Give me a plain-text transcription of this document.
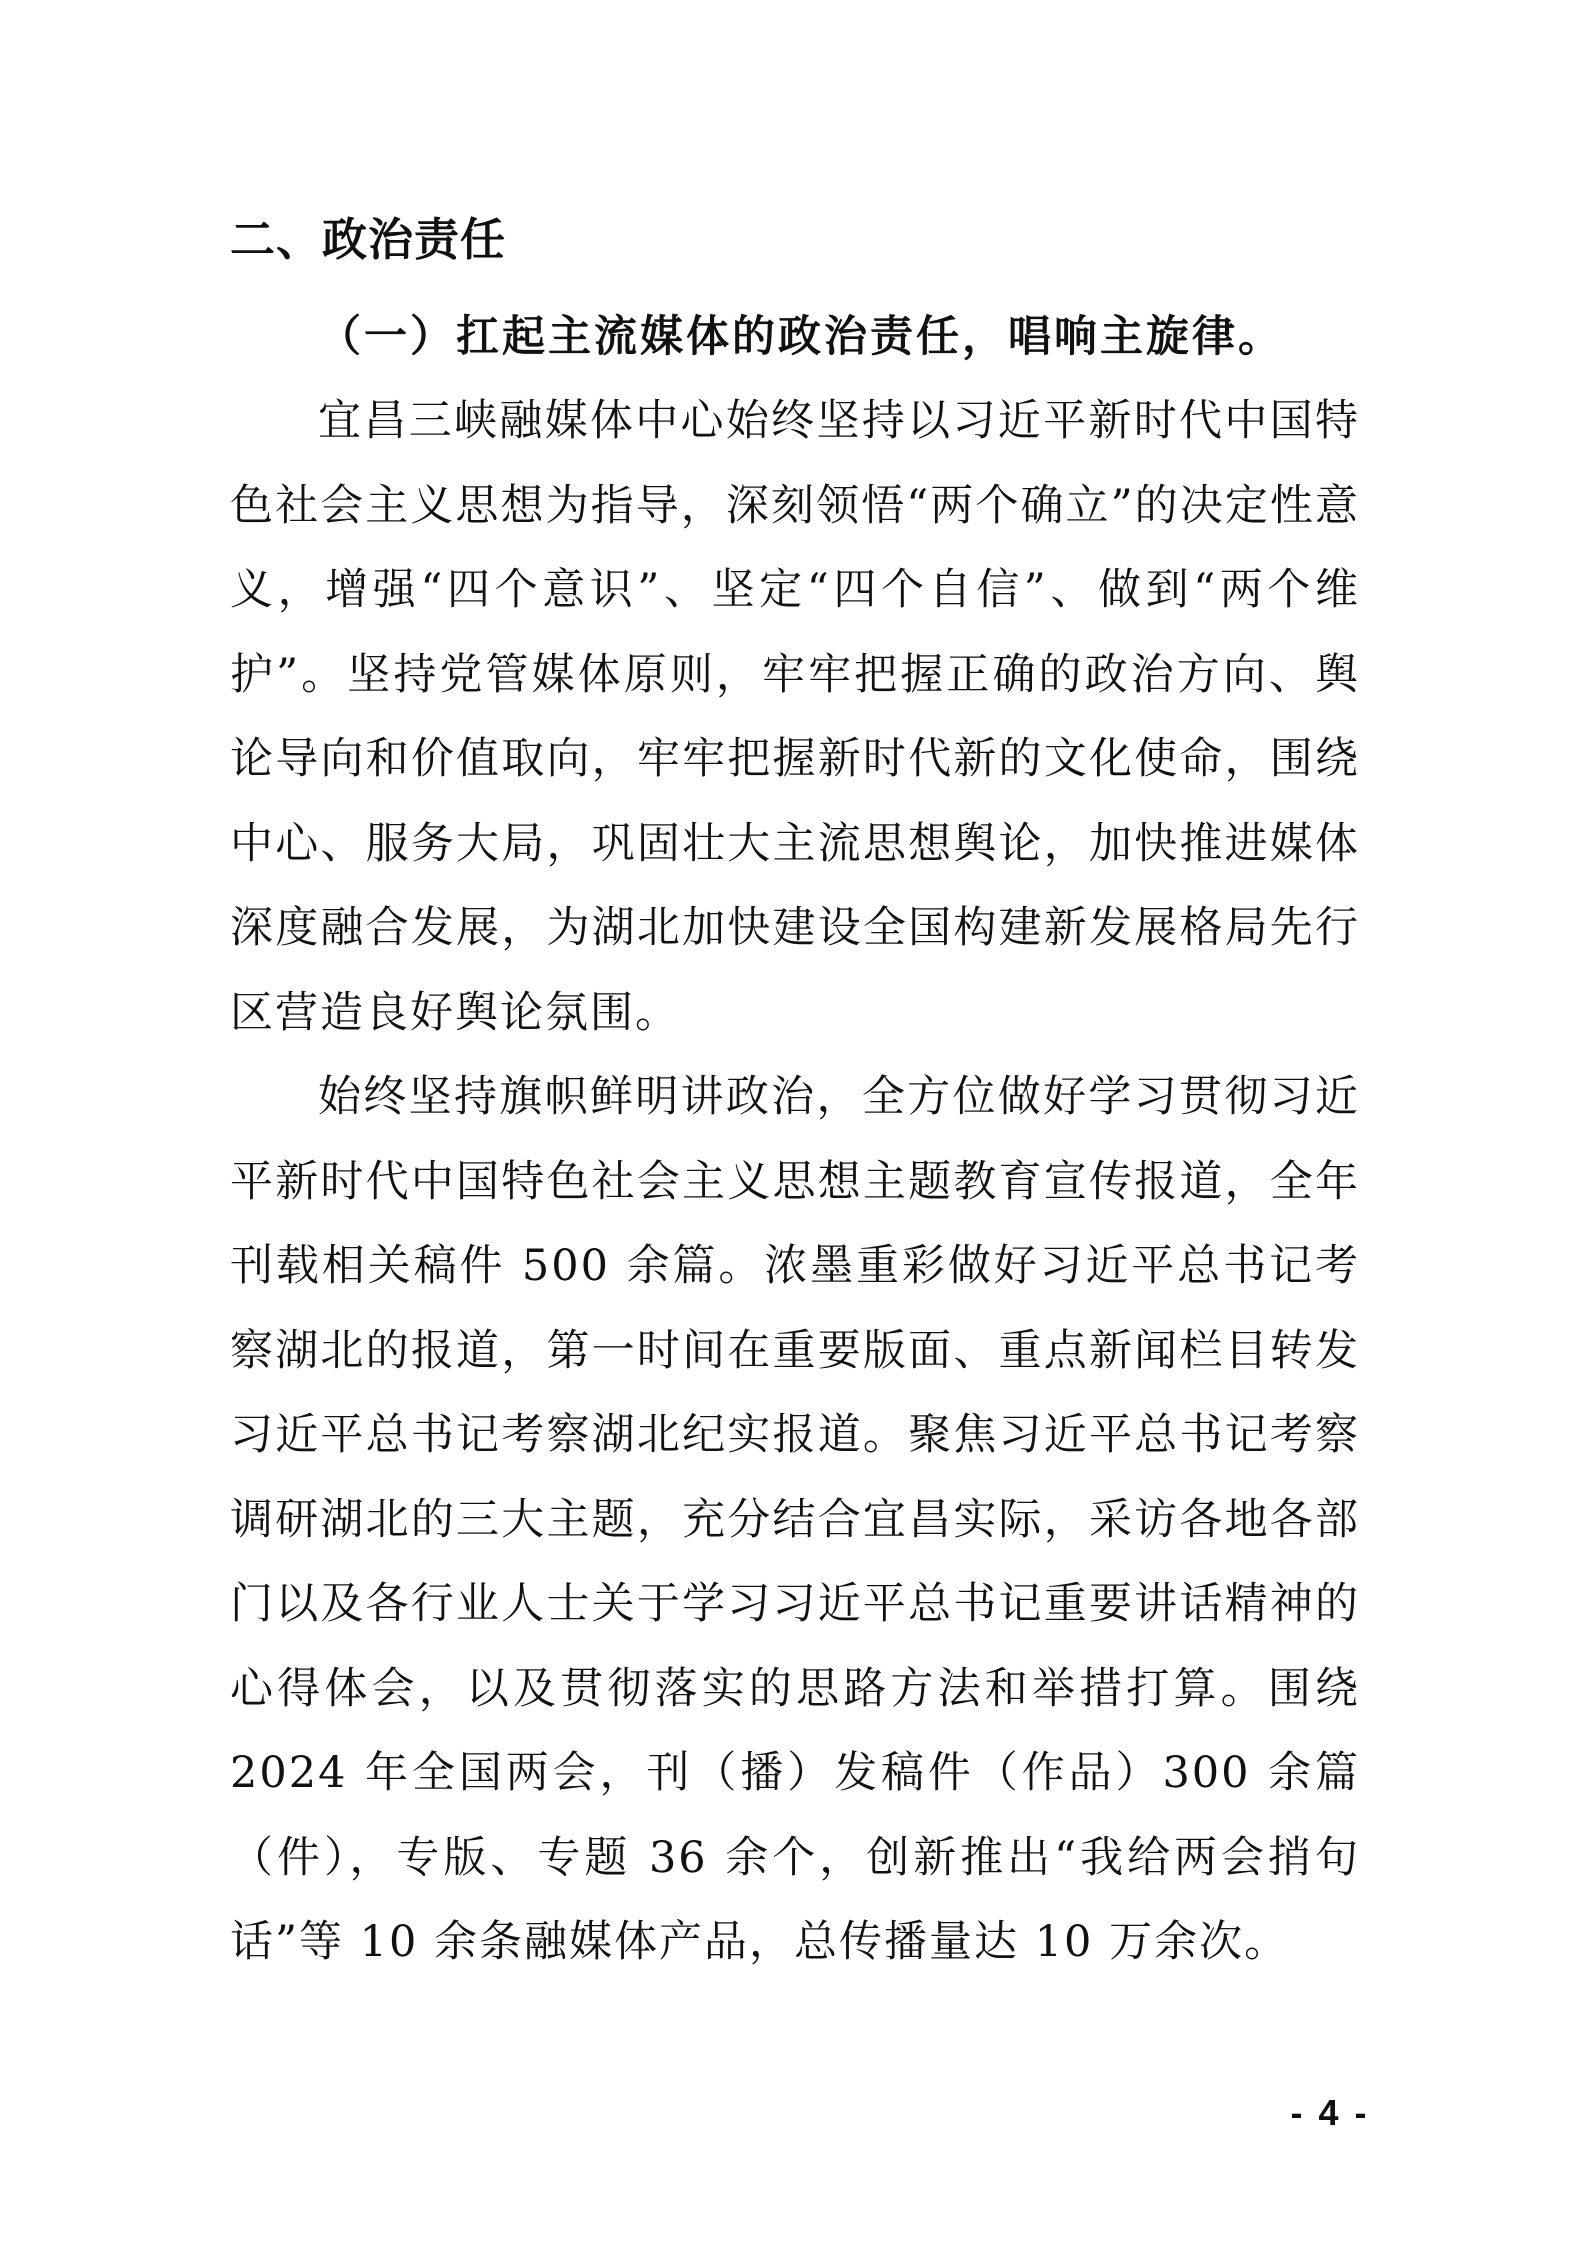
二、政治责任
（一）扛起主流媒体的政治责任，唱响主旋律。

宜昌三峡融媒体中心始终坚持以习近平新时代中国特色社会主义思想为指导，深刻领悟“两个确立”的决定性意义，增强“四个意识”、坚定“四个自信”、做到“两个维护”。坚持党管媒体原则，牢牢把握正确的政治方向、舆论导向和价值取向，牢牢把握新时代新的文化使命，围绕中心、服务大局，巩固壮大主流思想舆论，加快推进媒体深度融合发展，为湖北加快建设全国构建新发展格局先行区营造良好舆论氛围。

始终坚持旗帜鲜明讲政治，全方位做好学习贯彻习近平新时代中国特色社会主义思想主题教育宣传报道，全年刊载相关稿件 500 余篇。浓墨重彩做好习近平总书记考察湖北的报道，第一时间在重要版面、重点新闻栏目转发习近平总书记考察湖北纪实报道。聚焦习近平总书记考察调研湖北的三大主题，充分结合宜昌实际，采访各地各部门以及各行业人士关于学习习近平总书记重要讲话精神的心得体会，以及贯彻落实的思路方法和举措打算。围绕 2024 年全国两会，刊（播）发稿件（作品）300 余篇（件），专版、专题 36 余个，创新推出“我给两会捎句话”等 10 余条融媒体产品，总传播量达 10 万余次。

- 4 -
